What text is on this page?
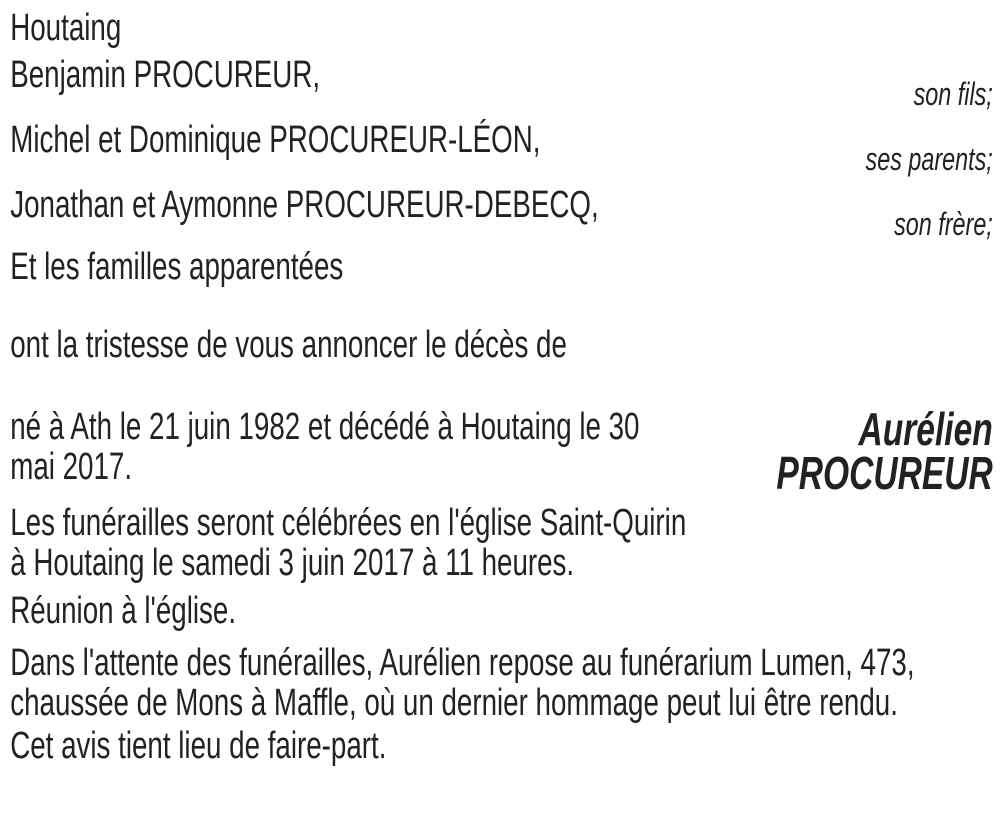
Houtaing
Benjamin PROCUREUR,	son fils;
Michel et Dominique PROCUREUR-LÉON,	ses parents;
Jonathan et Aymonne PROCUREUR-DEBECQ,	son frère;
Et les familles apparentées
ont la tristesse de vous annoncer le décès de
né à Ath le 21 juin 1982 et décédé à Houtaing le 30 mai 2017.
Aurélien
PROCUREUR
Les funérailles seront célébrées en l'église Saint-Quirin à Houtaing le samedi 3 juin 2017 à 11 heures.
Réunion à l'église.
Dans l'attente des funérailles, Aurélien repose au funérarium Lumen, 473, chaussée de Mons à Maffle, où un dernier hommage peut lui être rendu.
Cet avis tient lieu de faire-part.
